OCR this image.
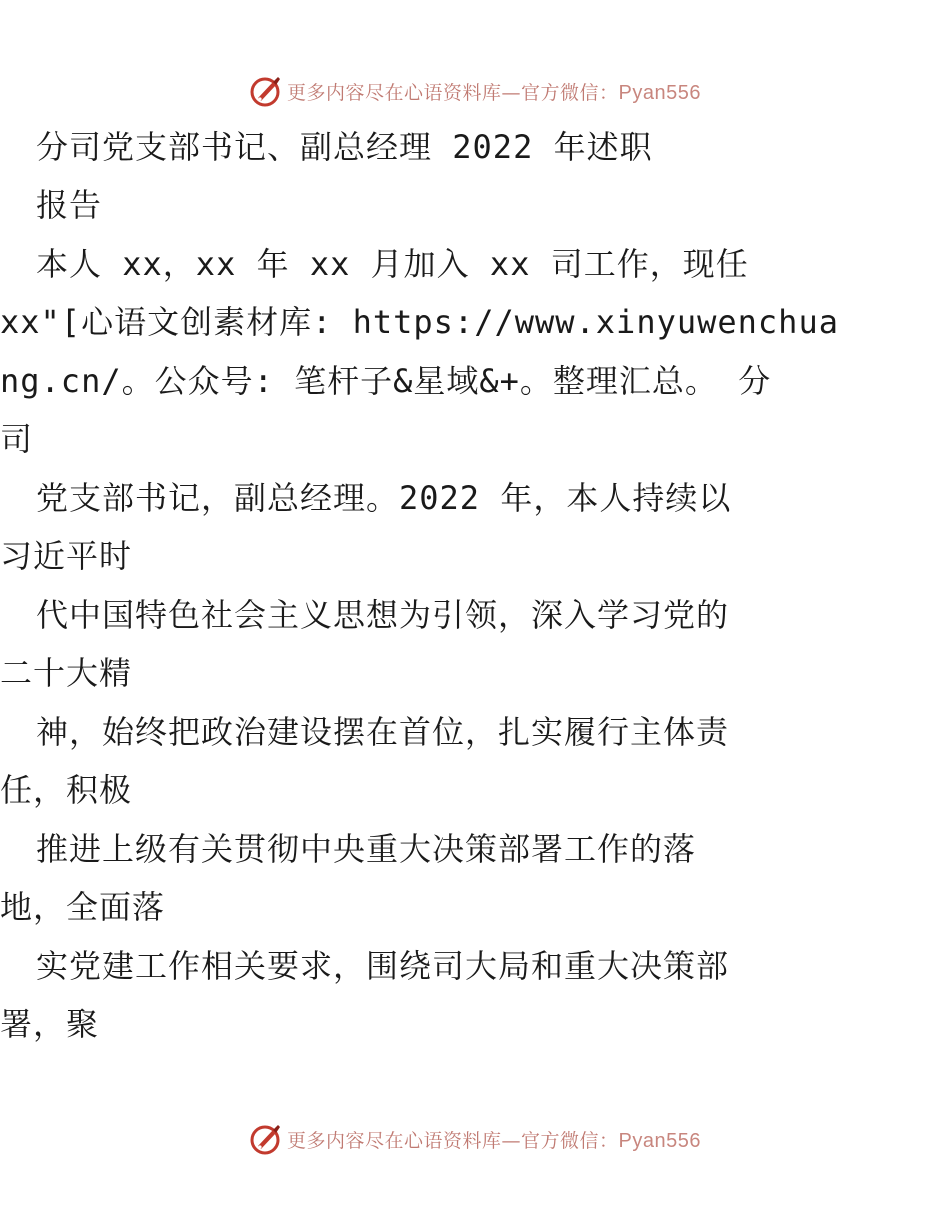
更多内容尽在心语资料库—官方微信：Pyan556
分司党支部书记、副总经理 2022 年述职
报告
本人 xx，xx 年 xx 月加入 xx 司工作，现任
xx"[心语文创素材库: https://www.xinyuwenchua
ng.cn/。公众号: 笔杆子&星域&+。整理汇总。 分
司
党支部书记，副总经理。2022 年，本人持续以
习近平时
代中国特色社会主义思想为引领，深入学习党的
二十大精
神，始终把政治建设摆在首位，扎实履行主体责
任，积极
推进上级有关贯彻中央重大决策部署工作的落
地，全面落
实党建工作相关要求，围绕司大局和重大决策部
署，聚
更多内容尽在心语资料库—官方微信：Pyan556
